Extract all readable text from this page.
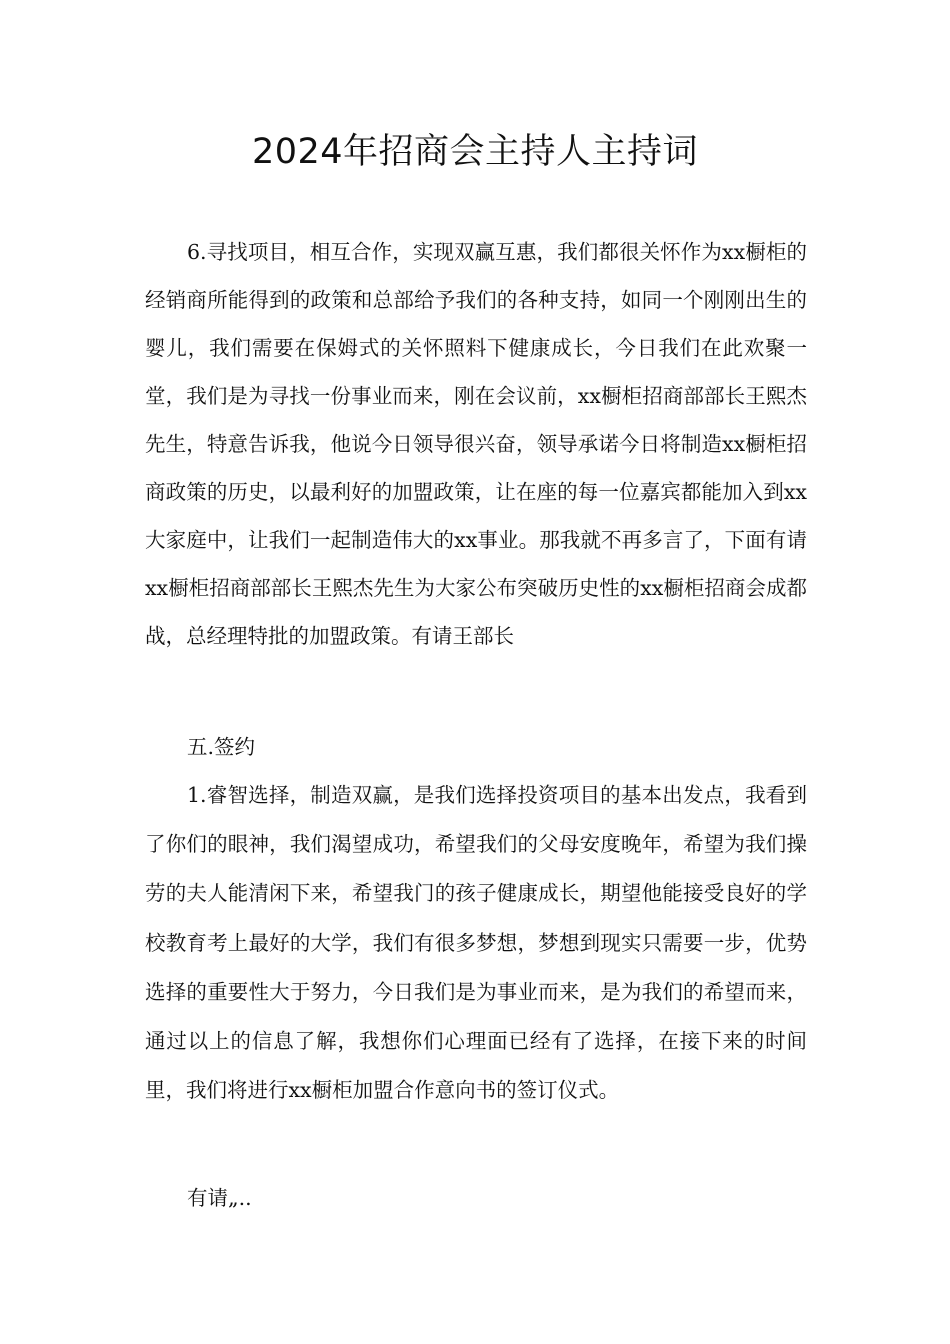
2024年招商会主持人主持词

6.寻找项目，相互合作，实现双赢互惠，我们都很关怀作为xx橱柜的经销商所能得到的政策和总部给予我们的各种支持，如同一个刚刚出生的婴儿，我们需要在保姆式的关怀照料下健康成长，今日我们在此欢聚一堂，我们是为寻找一份事业而来，刚在会议前，xx橱柜招商部部长王熙杰先生，特意告诉我，他说今日领导很兴奋，领导承诺今日将制造xx橱柜招商政策的历史，以最利好的加盟政策，让在座的每一位嘉宾都能加入到xx大家庭中，让我们一起制造伟大的xx事业。那我就不再多言了，下面有请xx橱柜招商部部长王熙杰先生为大家公布突破历史性的xx橱柜招商会成都战，总经理特批的加盟政策。有请王部长

五.签约

1.睿智选择，制造双赢，是我们选择投资项目的基本出发点，我看到了你们的眼神，我们渴望成功，希望我们的父母安度晚年，希望为我们操劳的夫人能清闲下来，希望我门的孩子健康成长，期望他能接受良好的学校教育考上最好的大学，我们有很多梦想，梦想到现实只需要一步，优势选择的重要性大于努力，今日我们是为事业而来，是为我们的希望而来，通过以上的信息了解，我想你们心理面已经有了选择，在接下来的时间里，我们将进行xx橱柜加盟合作意向书的签订仪式。

有请„..
